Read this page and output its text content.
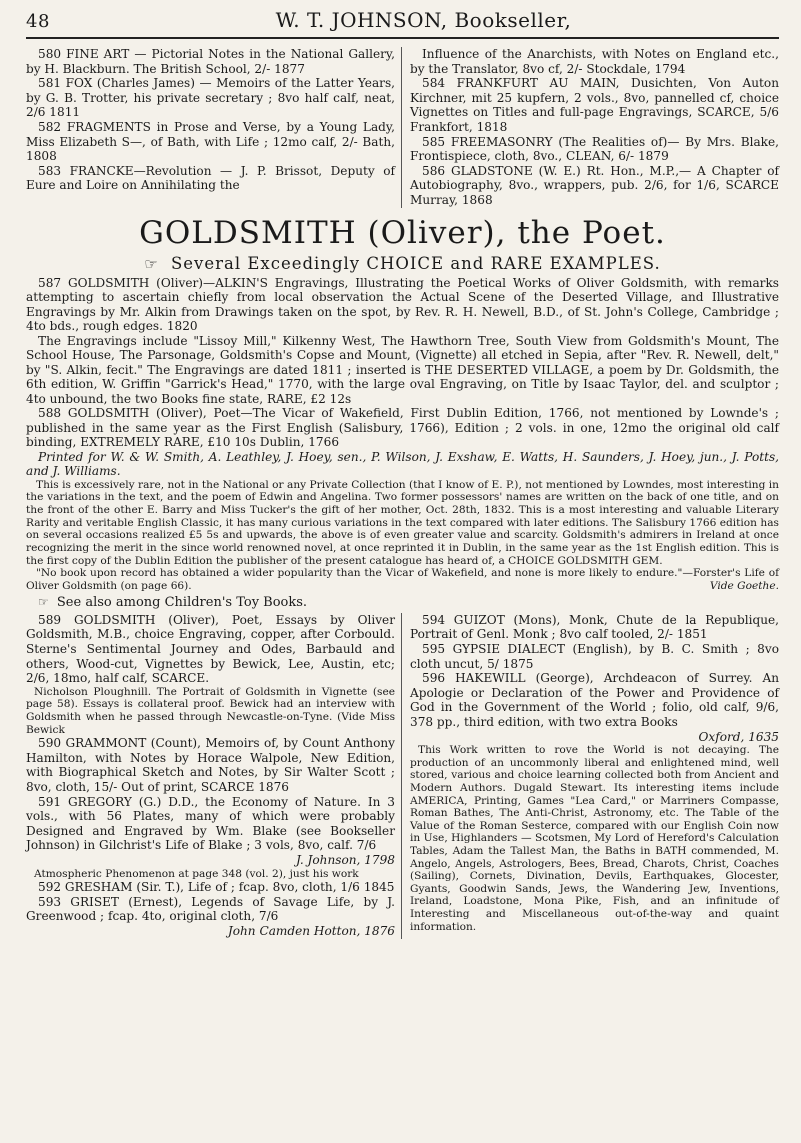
48	W. T. JOHNSON, Bookseller,

580 FINE ART — Pictorial Notes in the National Gallery, by H. Blackburn. The British School, 2/- 1877

581 FOX (Charles James) — Memoirs of the Latter Years, by G. B. Trotter, his private secretary ; 8vo half calf, neat, 2/6 1811

582 FRAGMENTS in Prose and Verse, by a Young Lady, Miss Elizabeth S—, of Bath, with Life ; 12mo calf, 2/- Bath, 1808

583 FRANCKE—Revolution — J. P. Brissot, Deputy of Eure and Loire on Annihilating the

Influence of the Anarchists, with Notes on England etc., by the Translator, 8vo cf, 2/- Stockdale, 1794

584 FRANKFURT AU MAIN, Dusichten, Von Auton Kirchner, mit 25 kupfern, 2 vols., 8vo, pannelled cf, choice Vignettes on Titles and full-page Engravings, SCARCE, 5/6 Frankfort, 1818

585 FREEMASONRY (The Realities of)— By Mrs. Blake, Frontispiece, cloth, 8vo., CLEAN, 6/- 1879

586 GLADSTONE (W. E.) Rt. Hon., M.P.,— A Chapter of Autobiography, 8vo., wrappers, pub. 2/6, for 1/6, SCARCE Murray, 1868

GOLDSMITH (Oliver), the Poet.
☞ Several Exceedingly CHOICE and RARE EXAMPLES.

587 GOLDSMITH (Oliver)—ALKIN'S Engravings, Illustrating the Poetical Works of Oliver Goldsmith, with remarks attempting to ascertain chiefly from local observation the Actual Scene of the Deserted Village, and Illustrative Engravings by Mr. Alkin from Drawings taken on the spot, by Rev. R. H. Newell, B.D., of St. John's College, Cambridge ; 4to bds., rough edges. 1820

The Engravings include "Lissoy Mill," Kilkenny West, The Hawthorn Tree, South View from Goldsmith's Mount, The School House, The Parsonage, Goldsmith's Copse and Mount, (Vignette) all etched in Sepia, after "Rev. R. Newell, delt," by "S. Alkin, fecit." The Engravings are dated 1811 ; inserted is THE DESERTED VILLAGE, a poem by Dr. Goldsmith, the 6th edition, W. Griffin "Garrick's Head," 1770, with the large oval Engraving, on Title by Isaac Taylor, del. and sculptor ; 4to unbound, the two Books fine state, RARE, £2 12s

588 GOLDSMITH (Oliver), Poet—The Vicar of Wakefield, First Dublin Edition, 1766, not mentioned by Lownde's ; published in the same year as the First English (Salisbury, 1766), Edition ; 2 vols. in one, 12mo the original old calf binding, EXTREMELY RARE, £10 10s Dublin, 1766

Printed for W. & W. Smith, A. Leathley, J. Hoey, sen., P. Wilson, J. Exshaw, E. Watts, H. Saunders, J. Hoey, jun., J. Potts, and J. Williams.

This is excessively rare, not in the National or any Private Collection (that I know of E. P.), not mentioned by Lowndes, most interesting in the variations in the text, and the poem of Edwin and Angelina. Two former possessors' names are written on the back of one title, and on the front of the other E. Barry and Miss Tucker's the gift of her mother, Oct. 28th, 1832. This is a most interesting and valuable Literary Rarity and veritable English Classic, it has many curious variations in the text compared with later editions. The Salisbury 1766 edition has on several occasions realized £5 5s and upwards, the above is of even greater value and scarcity. Goldsmith's admirers in Ireland at once recognizing the merit in the since world renowned novel, at once reprinted it in Dublin, in the same year as the 1st English edition. This is the first copy of the Dublin Edition the publisher of the present catalogue has heard of, a CHOICE GOLDSMITH GEM.

"No book upon record has obtained a wider popularity than the Vicar of Wakefield, and none is more likely to endure."—Forster's Life of Oliver Goldsmith (on page 66).	Vide Goethe.

☞ See also among Children's Toy Books.

589 GOLDSMITH (Oliver), Poet, Essays by Oliver Goldsmith, M.B., choice Engraving, copper, after Corbould. Sterne's Sentimental Journey and Odes, Barbauld and others, Wood-cut, Vignettes by Bewick, Lee, Austin, etc; 2/6, 18mo, half calf, SCARCE.

Nicholson Ploughnill. The Portrait of Goldsmith in Vignette (see page 58). Essays is collateral proof. Bewick had an interview with Goldsmith when he passed through Newcastle-on-Tyne. (Vide Miss Bewick

590 GRAMMONT (Count), Memoirs of, by Count Anthony Hamilton, with Notes by Horace Walpole, New Edition, with Biographical Sketch and Notes, by Sir Walter Scott ; 8vo, cloth, 15/- Out of print, SCARCE 1876

591 GREGORY (G.) D.D., the Economy of Nature. In 3 vols., with 56 Plates, many of which were probably Designed and Engraved by Wm. Blake (see Bookseller Johnson) in Gilchrist's Life of Blake ; 3 vols, 8vo, calf. 7/6

J. Johnson, 1798

Atmospheric Phenomenon at page 348 (vol. 2), just his work

592 GRESHAM (Sir. T.), Life of ; fcap. 8vo, cloth, 1/6 1845

593 GRISET (Ernest), Legends of Savage Life, by J. Greenwood ; fcap. 4to, original cloth, 7/6

John Camden Hotton, 1876

594 GUIZOT (Mons), Monk, Chute de la Republique, Portrait of Genl. Monk ; 8vo calf tooled, 2/- 1851

595 GYPSIE DIALECT (English), by B. C. Smith ; 8vo cloth uncut, 5/ 1875

596 HAKEWILL (George), Archdeacon of Surrey. An Apologie or Declaration of the Power and Providence of God in the Government of the World ; folio, old calf, 9/6, 378 pp., third edition, with two extra Books

Oxford, 1635

This Work written to rove the World is not decaying. The production of an uncommonly liberal and enlightened mind, well stored, various and choice learning collected both from Ancient and Modern Authors. Dugald Stewart. Its interesting items include AMERICA, Printing, Games "Lea Card," or Marriners Compasse, Roman Bathes, The Anti-Christ, Astronomy, etc. The Table of the Value of the Roman Sesterce, compared with our English Coin now in Use, Highlanders — Scotsmen, My Lord of Hereford's Calculation Tables, Adam the Tallest Man, the Baths in BATH commended, M. Angelo, Angels, Astrologers, Bees, Bread, Charots, Christ, Coaches (Sailing), Cornets, Divination, Devils, Earthquakes, Glocester, Gyants, Goodwin Sands, Jews, the Wandering Jew, Inventions, Ireland, Loadstone, Mona Pike, Fish, and an infinitude of Interesting and Miscellaneous out-of-the-way and quaint information.
